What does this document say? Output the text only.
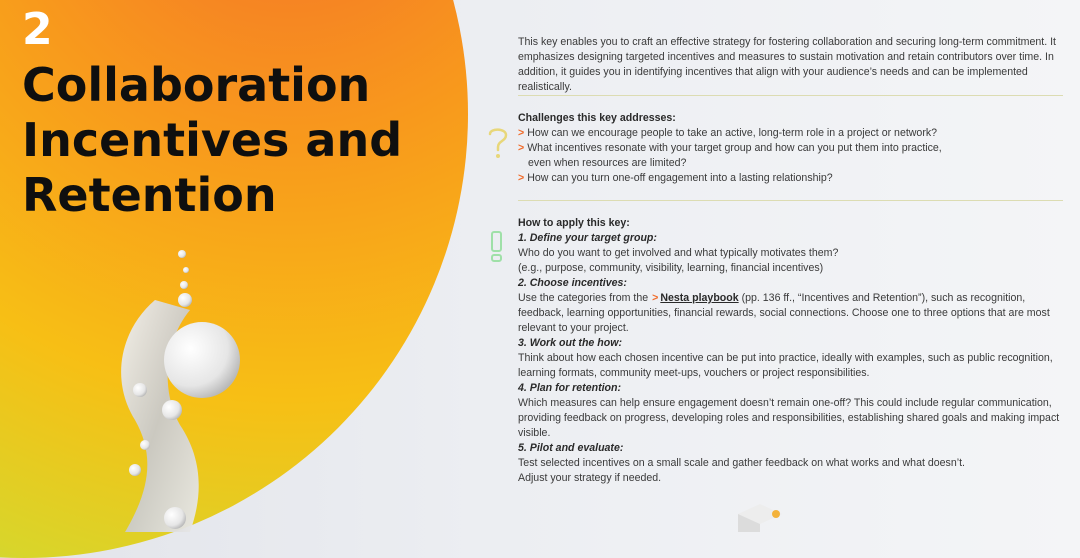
2
Collaboration
Incentives and
Retention

This key enables you to craft an effective strategy for fostering collaboration and securing long-term commitment. It emphasizes designing targeted incentives and measures to sustain motivation and retain contributors over time. In addition, it guides you in identifying incentives that align with your audience’s needs and can be implemented realistically.

Challenges this key addresses:
> How can we encourage people to take an active, long-term role in a project or network?
> What incentives resonate with your target group and how can you put them into practice,
even when resources are limited?
> How can you turn one-off engagement into a lasting relationship?
How to apply this key:
1. Define your target group:

Who do you want to get involved and what typically motivates them?

(e.g., purpose, community, visibility, learning, financial incentives)

2. Choose incentives:

Use the categories from the > Nesta playbook (pp. 136 ff., “Incentives and Retention”), such as recognition, feedback, learning opportunities, financial rewards, social connections. Choose one to three options that are most relevant to your project.

3. Work out the how:

Think about how each chosen incentive can be put into practice, ideally with examples, such as public recognition, learning formats, community meet-ups, vouchers or project responsibilities.

4. Plan for retention:

Which measures can help ensure engagement doesn’t remain one-off? This could include regular communication, providing feedback on progress, developing roles and responsibilities, establishing shared goals and making impact visible.

5. Pilot and evaluate:

Test selected incentives on a small scale and gather feedback on what works and what doesn’t.

Adjust your strategy if needed.
